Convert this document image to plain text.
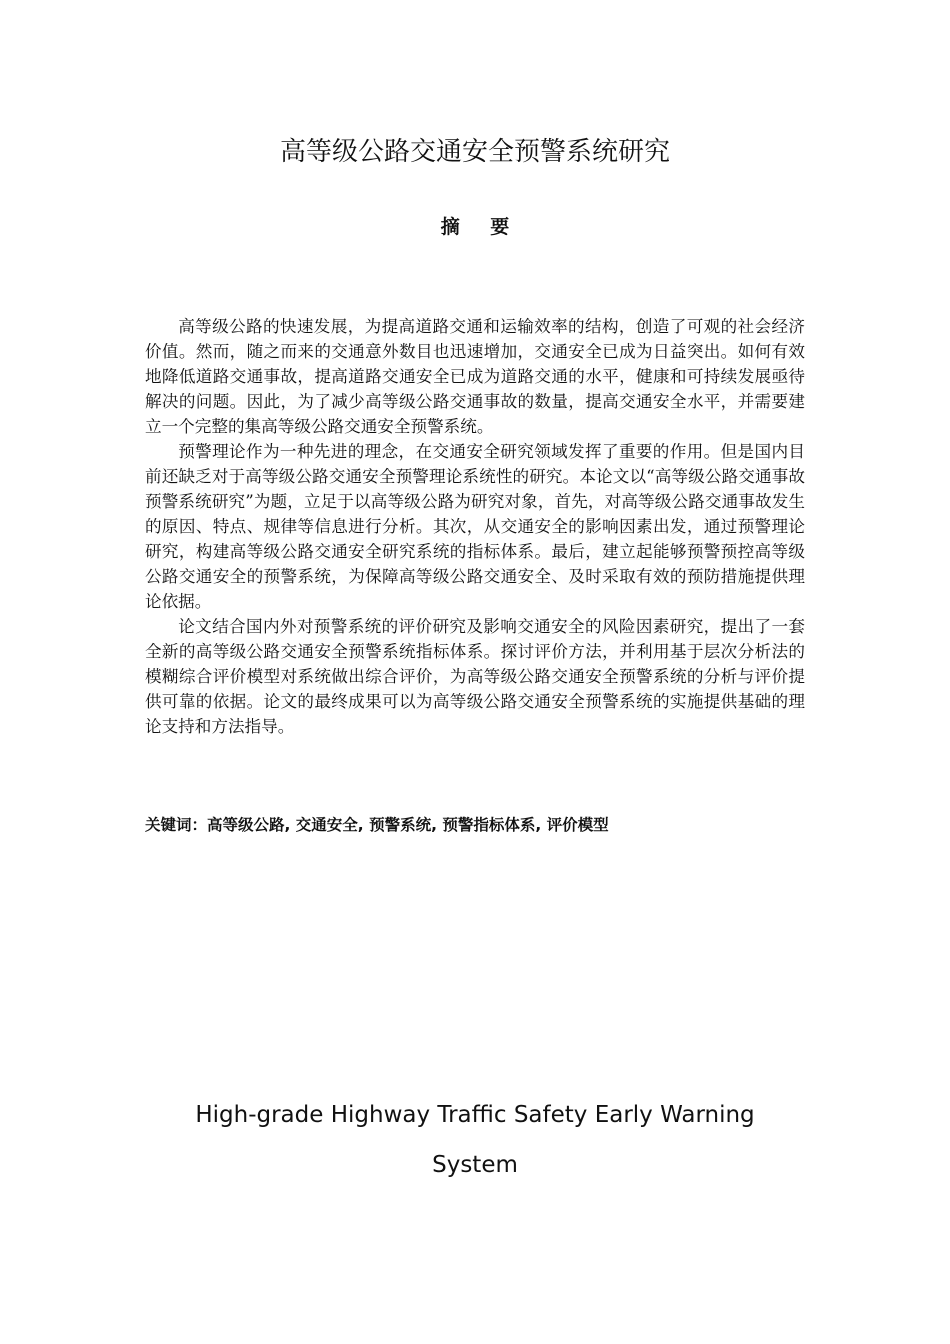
高等级公路交通安全预警系统研究
摘 要

高等级公路的快速发展，为提高道路交通和运输效率的结构，创造了可观的社会经济价值。然而，随之而来的交通意外数目也迅速增加，交通安全已成为日益突出。如何有效地降低道路交通事故，提高道路交通安全已成为道路交通的水平，健康和可持续发展亟待解决的问题。因此，为了减少高等级公路交通事故的数量，提高交通安全水平，并需要建立一个完整的集高等级公路交通安全预警系统。

预警理论作为一种先进的理念，在交通安全研究领域发挥了重要的作用。但是国内目前还缺乏对于高等级公路交通安全预警理论系统性的研究。本论文以“高等级公路交通事故预警系统研究”为题，立足于以高等级公路为研究对象，首先，对高等级公路交通事故发生的原因、特点、规律等信息进行分析。其次，从交通安全的影响因素出发，通过预警理论研究，构建高等级公路交通安全研究系统的指标体系。最后，建立起能够预警预控高等级公路交通安全的预警系统，为保障高等级公路交通安全、及时采取有效的预防措施提供理论依据。

论文结合国内外对预警系统的评价研究及影响交通安全的风险因素研究，提出了一套全新的高等级公路交通安全预警系统指标体系。探讨评价方法，并利用基于层次分析法的模糊综合评价模型对系统做出综合评价，为高等级公路交通安全预警系统的分析与评价提供可靠的依据。论文的最终成果可以为高等级公路交通安全预警系统的实施提供基础的理论支持和方法指导。

关键词：高等级公路, 交通安全, 预警系统, 预警指标体系, 评价模型
High-grade Highway Traffic Safety Early Warning
System
